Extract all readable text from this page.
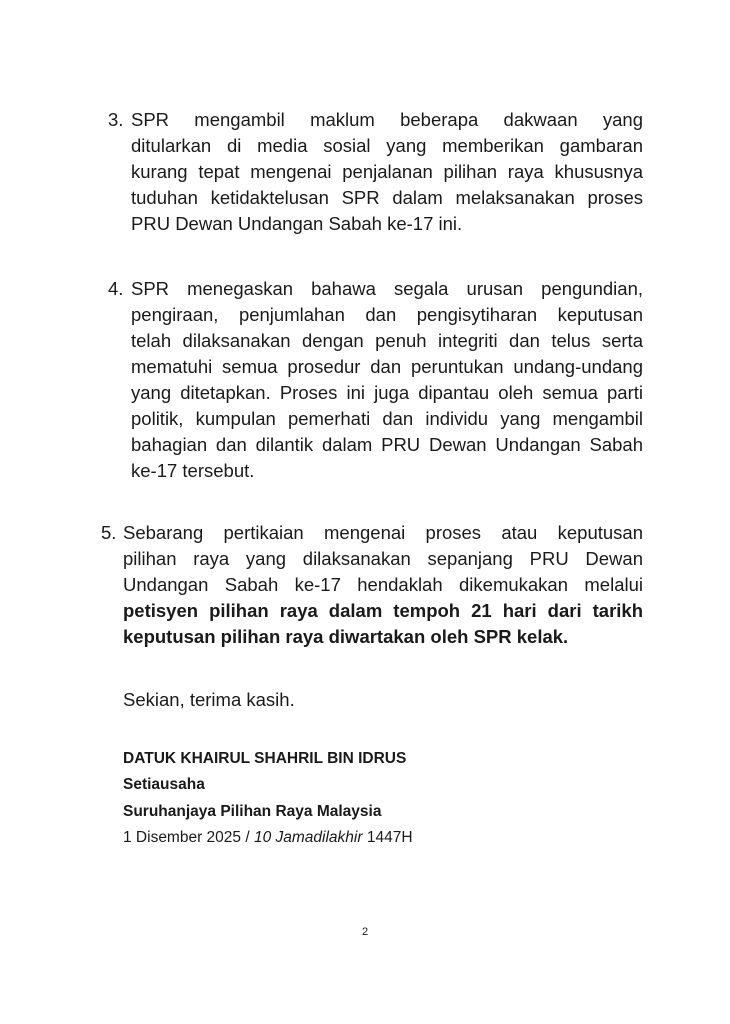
3. SPR mengambil maklum beberapa dakwaan yang
ditularkan di media sosial yang memberikan gambaran
kurang tepat mengenai penjalanan pilihan raya khususnya
tuduhan ketidaktelusan SPR dalam melaksanakan proses
PRU Dewan Undangan Sabah ke-17 ini.
4. SPR menegaskan bahawa segala urusan pengundian,
pengiraan, penjumlahan dan pengisytiharan keputusan
telah dilaksanakan dengan penuh integriti dan telus serta
mematuhi semua prosedur dan peruntukan undang-undang
yang ditetapkan. Proses ini juga dipantau oleh semua parti
politik, kumpulan pemerhati dan individu yang mengambil
bahagian dan dilantik dalam PRU Dewan Undangan Sabah
ke-17 tersebut.
5. Sebarang pertikaian mengenai proses atau keputusan
pilihan raya yang dilaksanakan sepanjang PRU Dewan
Undangan Sabah ke-17 hendaklah dikemukakan melalui
petisyen pilihan raya dalam tempoh 21 hari dari tarikh
keputusan pilihan raya diwartakan oleh SPR kelak.
Sekian, terima kasih.
DATUK KHAIRUL SHAHRIL BIN IDRUS
Setiausaha
Suruhanjaya Pilihan Raya Malaysia
1 Disember 2025 / 10 Jamadilakhir 1447H
2
